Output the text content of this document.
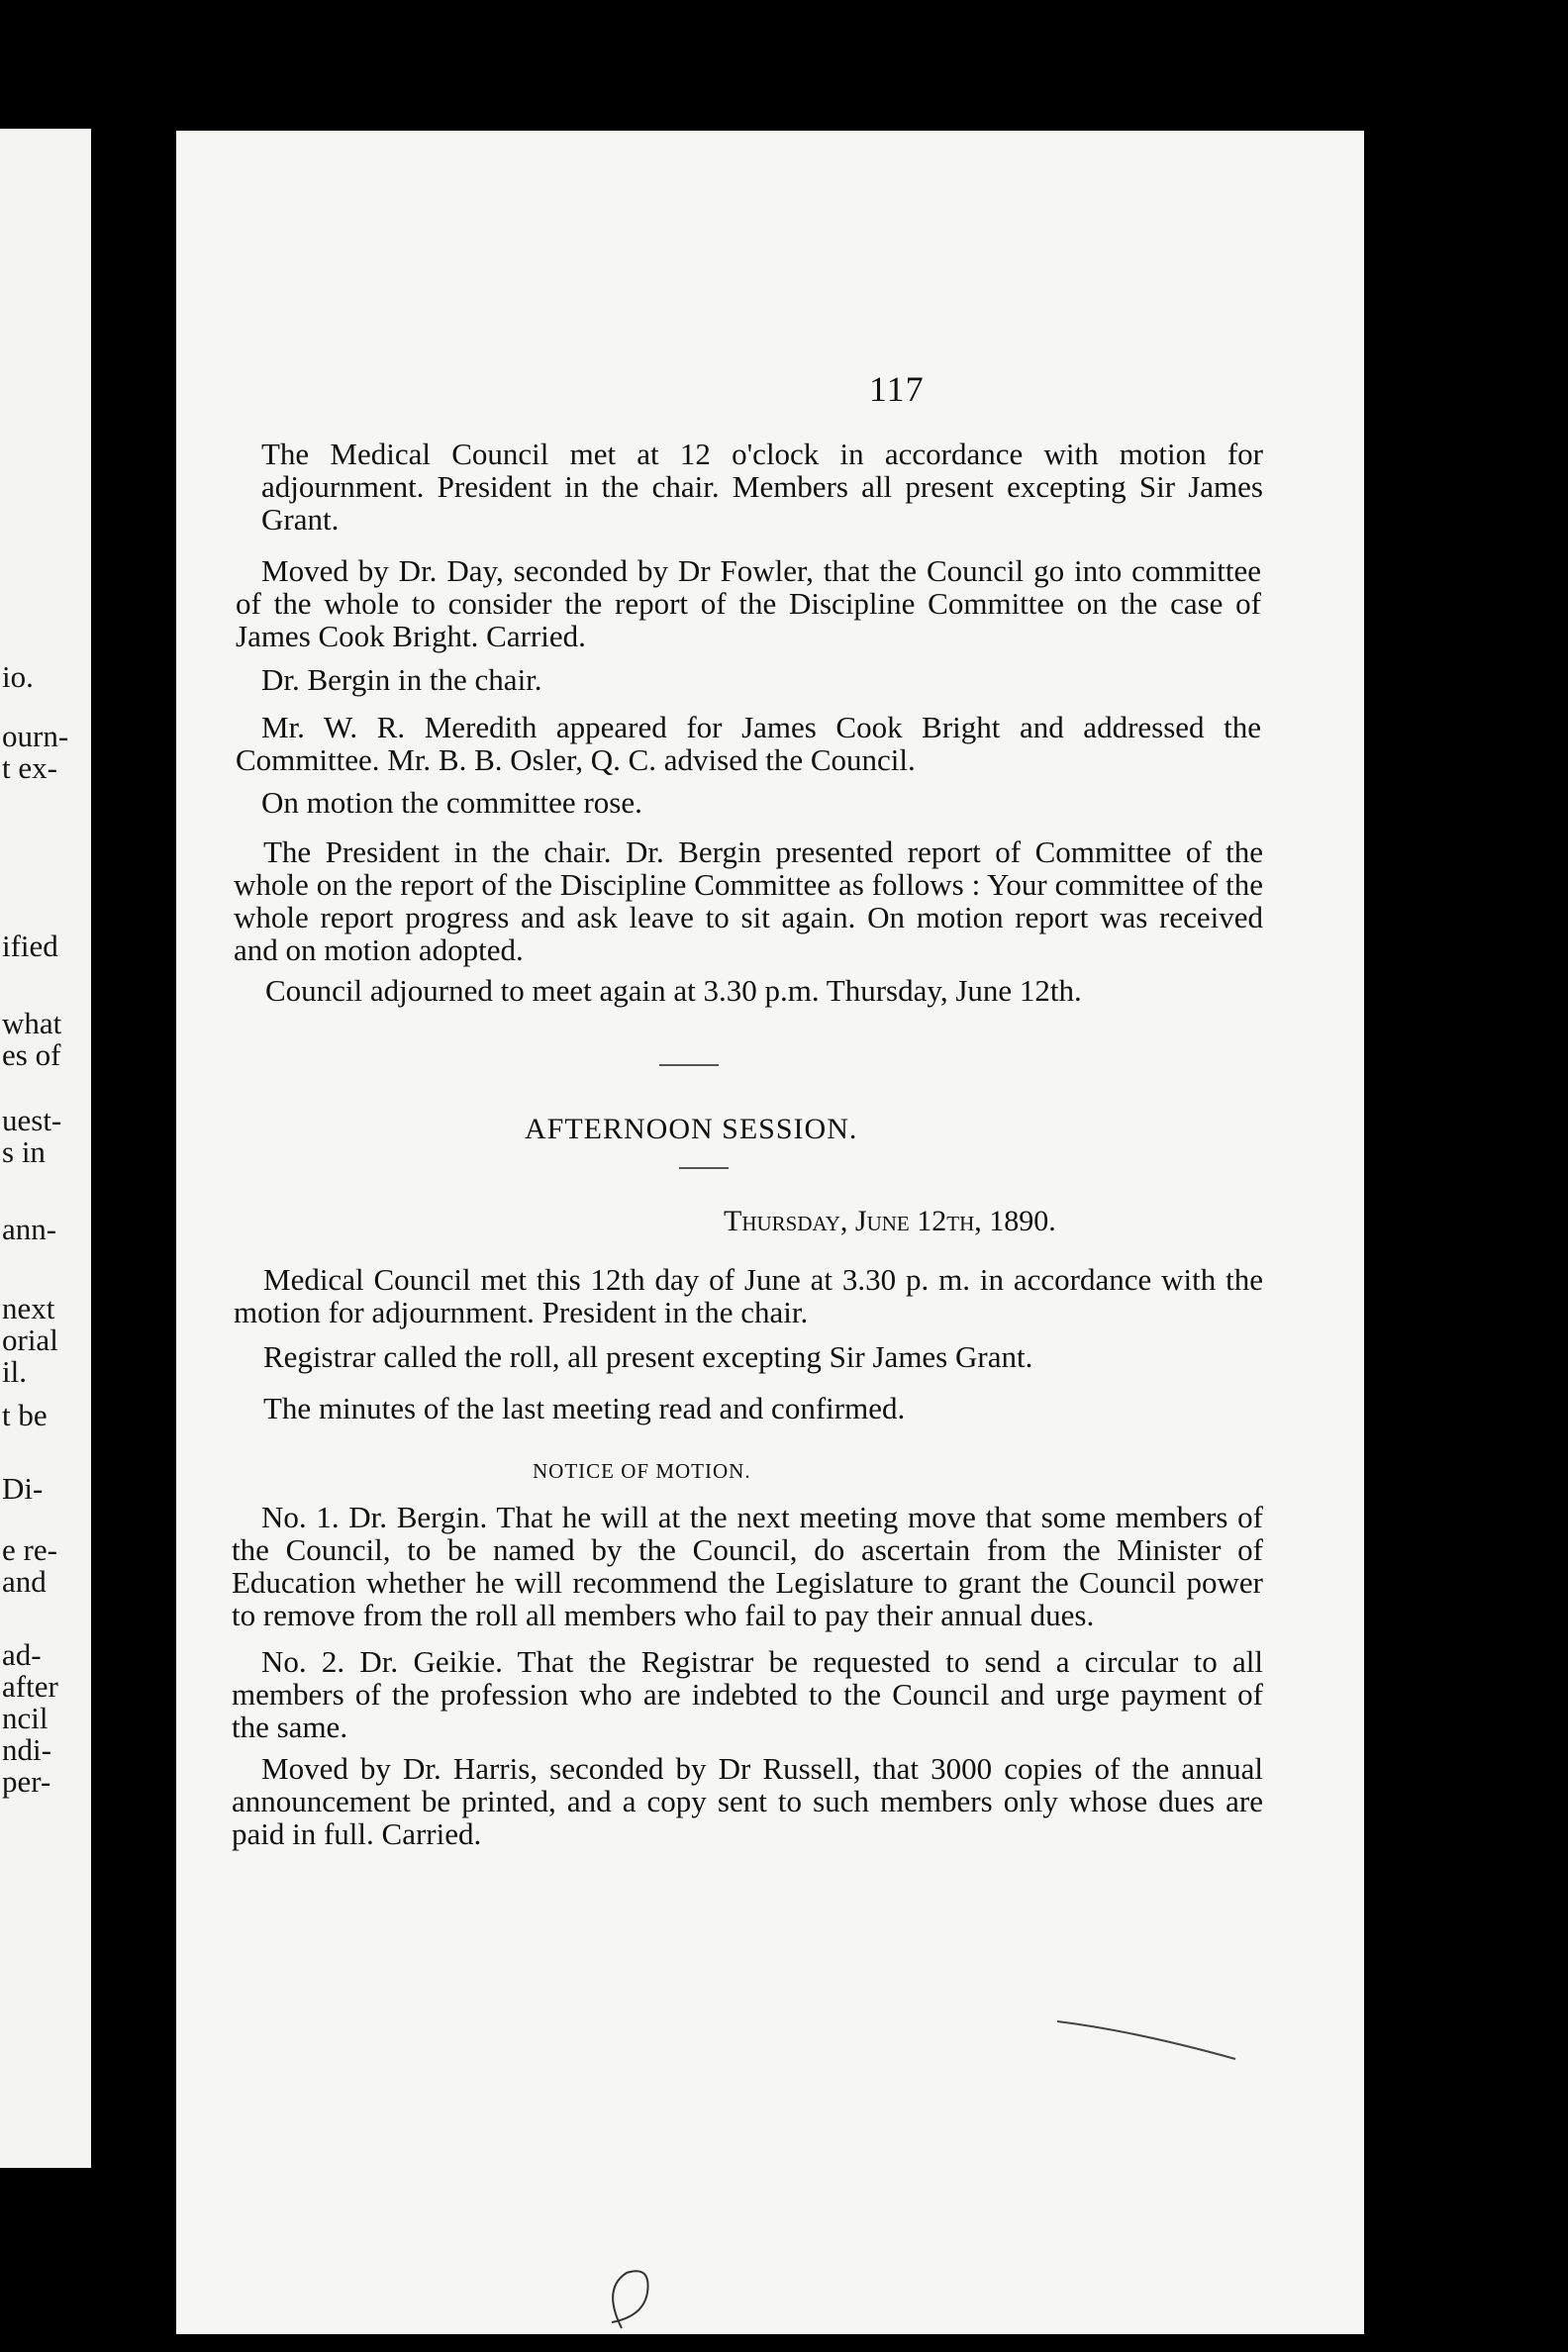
io.
ourn-
t ex-
ified
what
es of
uest-
s in
ann-
next
orial
il.
t be
Di-
e re-
and
ad-
after
ncil
ndi-
per-
117
The Medical Council met at 12 o'clock in accordance with motion for adjournment. President in the chair. Members all present excepting Sir James Grant.
Moved by Dr. Day, seconded by Dr Fowler, that the Council go into committee of the whole to consider the report of the Discipline Committee on the case of James Cook Bright. Carried.
Dr. Bergin in the chair.
Mr. W. R. Meredith appeared for James Cook Bright and addressed the Committee. Mr. B. B. Osler, Q. C. advised the Council.
On motion the committee rose.
The President in the chair. Dr. Bergin presented report of Committee of the whole on the report of the Discipline Committee as follows : Your committee of the whole report progress and ask leave to sit again. On motion report was received and on motion adopted.
Council adjourned to meet again at 3.30 p.m. Thursday, June 12th.
AFTERNOON SESSION.
Thursday, June 12th, 1890.
Medical Council met this 12th day of June at 3.30 p. m. in accordance with the motion for adjournment. President in the chair.
Registrar called the roll, all present excepting Sir James Grant.
The minutes of the last meeting read and confirmed.
NOTICE OF MOTION.
No. 1. Dr. Bergin. That he will at the next meeting move that some members of the Council, to be named by the Council, do ascertain from the Minister of Education whether he will recommend the Legislature to grant the Council power to remove from the roll all members who fail to pay their annual dues.
No. 2. Dr. Geikie. That the Registrar be requested to send a circular to all members of the profession who are indebted to the Council and urge payment of the same.
Moved by Dr. Harris, seconded by Dr Russell, that 3000 copies of the annual announcement be printed, and a copy sent to such members only whose dues are paid in full. Carried.
